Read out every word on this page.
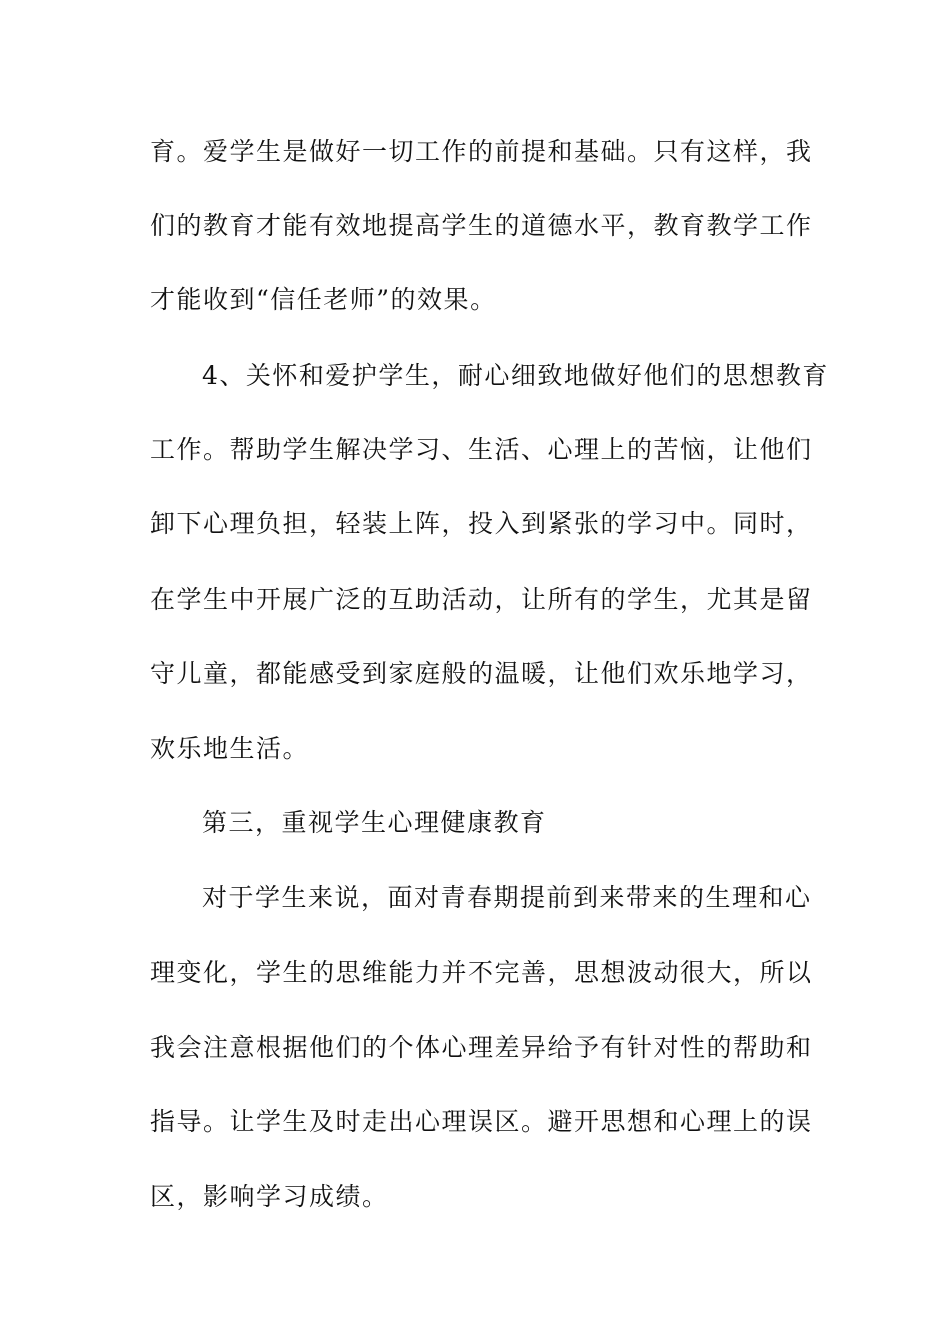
育。爱学生是做好一切工作的前提和基础。只有这样，我
们的教育才能有效地提高学生的道德水平，教育教学工作
才能收到“信任老师”的效果。
4、关怀和爱护学生，耐心细致地做好他们的思想教育
工作。帮助学生解决学习、生活、心理上的苦恼，让他们
卸下心理负担，轻装上阵，投入到紧张的学习中。同时，
在学生中开展广泛的互助活动，让所有的学生，尤其是留
守儿童，都能感受到家庭般的温暖，让他们欢乐地学习，
欢乐地生活。
第三，重视学生心理健康教育
对于学生来说，面对青春期提前到来带来的生理和心
理变化，学生的思维能力并不完善，思想波动很大，所以
我会注意根据他们的个体心理差异给予有针对性的帮助和
指导。让学生及时走出心理误区。避开思想和心理上的误
区，影响学习成绩。
